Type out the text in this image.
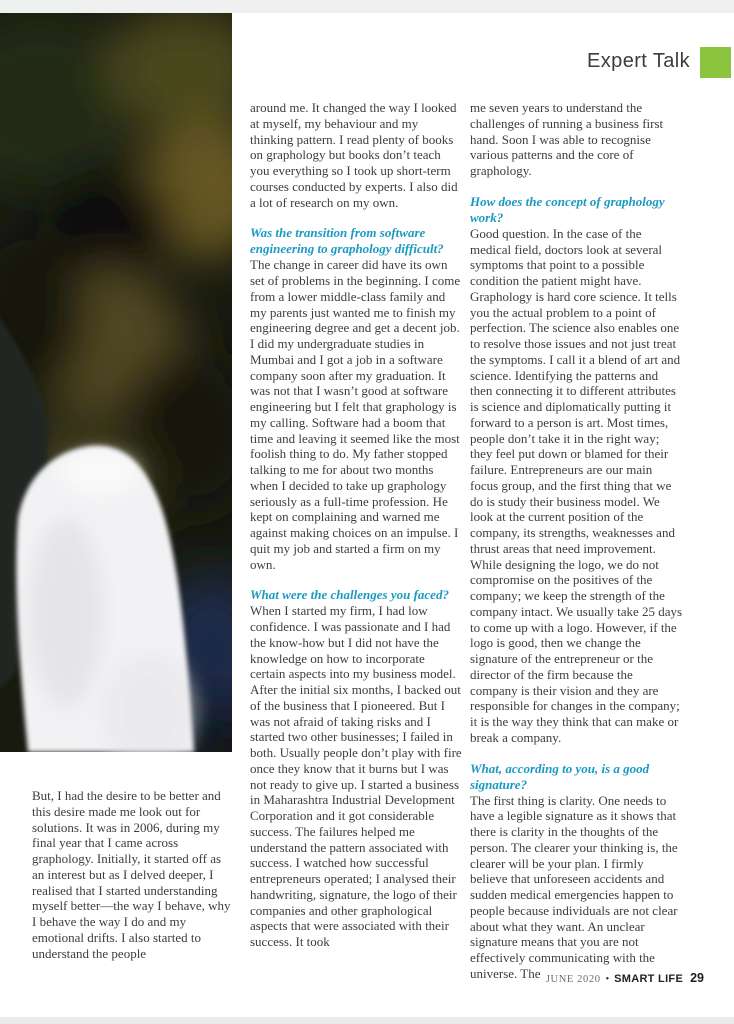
Expert Talk

around me. It changed the way I looked at myself, my behaviour and my thinking pattern. I read plenty of books on graphology but books don’t teach you everything so I took up short-term courses conducted by experts. I also did a lot of research on my own.

Was the transition from software engineering to graphology difficult?

The change in career did have its own set of problems in the beginning. I come from a lower middle-class family and my parents just wanted me to finish my engineering degree and get a decent job. I did my undergraduate studies in Mumbai and I got a job in a software company soon after my graduation. It was not that I wasn’t good at software engineering but I felt that graphology is my calling. Software had a boom that time and leaving it seemed like the most foolish thing to do. My father stopped talking to me for about two months when I decided to take up graphology seriously as a full-time profession. He kept on complaining and warned me against making choices on an impulse. I quit my job and started a firm on my own.

What were the challenges you faced?

When I started my firm, I had low confidence. I was passionate and I had the know-how but I did not have the knowledge on how to incorporate certain aspects into my business model. After the initial six months, I backed out of the business that I pioneered. But I was not afraid of taking risks and I started two other businesses; I failed in both. Usually people don’t play with fire once they know that it burns but I was not ready to give up. I started a business in Maharashtra Industrial Development Corporation and it got considerable success. The failures helped me understand the pattern associated with success. I watched how successful entrepreneurs operated; I analysed their handwriting, signature, the logo of their companies and other graphological aspects that were associated with their success. It took

me seven years to understand the challenges of running a business first hand. Soon I was able to recognise various patterns and the core of graphology.

How does the concept of graphology work?

Good question. In the case of the medical field, doctors look at several symptoms that point to a possible condition the patient might have. Graphology is hard core science. It tells you the actual problem to a point of perfection. The science also enables one to resolve those issues and not just treat the symptoms. I call it a blend of art and science. Identifying the patterns and then connecting it to different attributes is science and diplomatically putting it forward to a person is art. Most times, people don’t take it in the right way; they feel put down or blamed for their failure. Entrepreneurs are our main focus group, and the first thing that we do is study their business model. We look at the current position of the company, its strengths, weaknesses and thrust areas that need improvement. While designing the logo, we do not compromise on the positives of the company; we keep the strength of the company intact. We usually take 25 days to come up with a logo. However, if the logo is good, then we change the signature of the entrepreneur or the director of the firm because the company is their vision and they are responsible for changes in the company; it is the way they think that can make or break a company.

What, according to you, is a good signature?

The first thing is clarity. One needs to have a legible signature as it shows that there is clarity in the thoughts of the person. The clearer your thinking is, the clearer will be your plan. I firmly believe that unforeseen accidents and sudden medical emergencies happen to people because individuals are not clear about what they want. An unclear signature means that you are not effectively communicating with the universe. The

But, I had the desire to be better and this desire made me look out for solutions. It was in 2006, during my final year that I came across graphology. Initially, it started off as an interest but as I delved deeper, I realised that I started understanding myself better—the way I behave, why I behave the way I do and my emotional drifts. I also started to understand the people

JUNE 2020 • SMART LIFE 29
